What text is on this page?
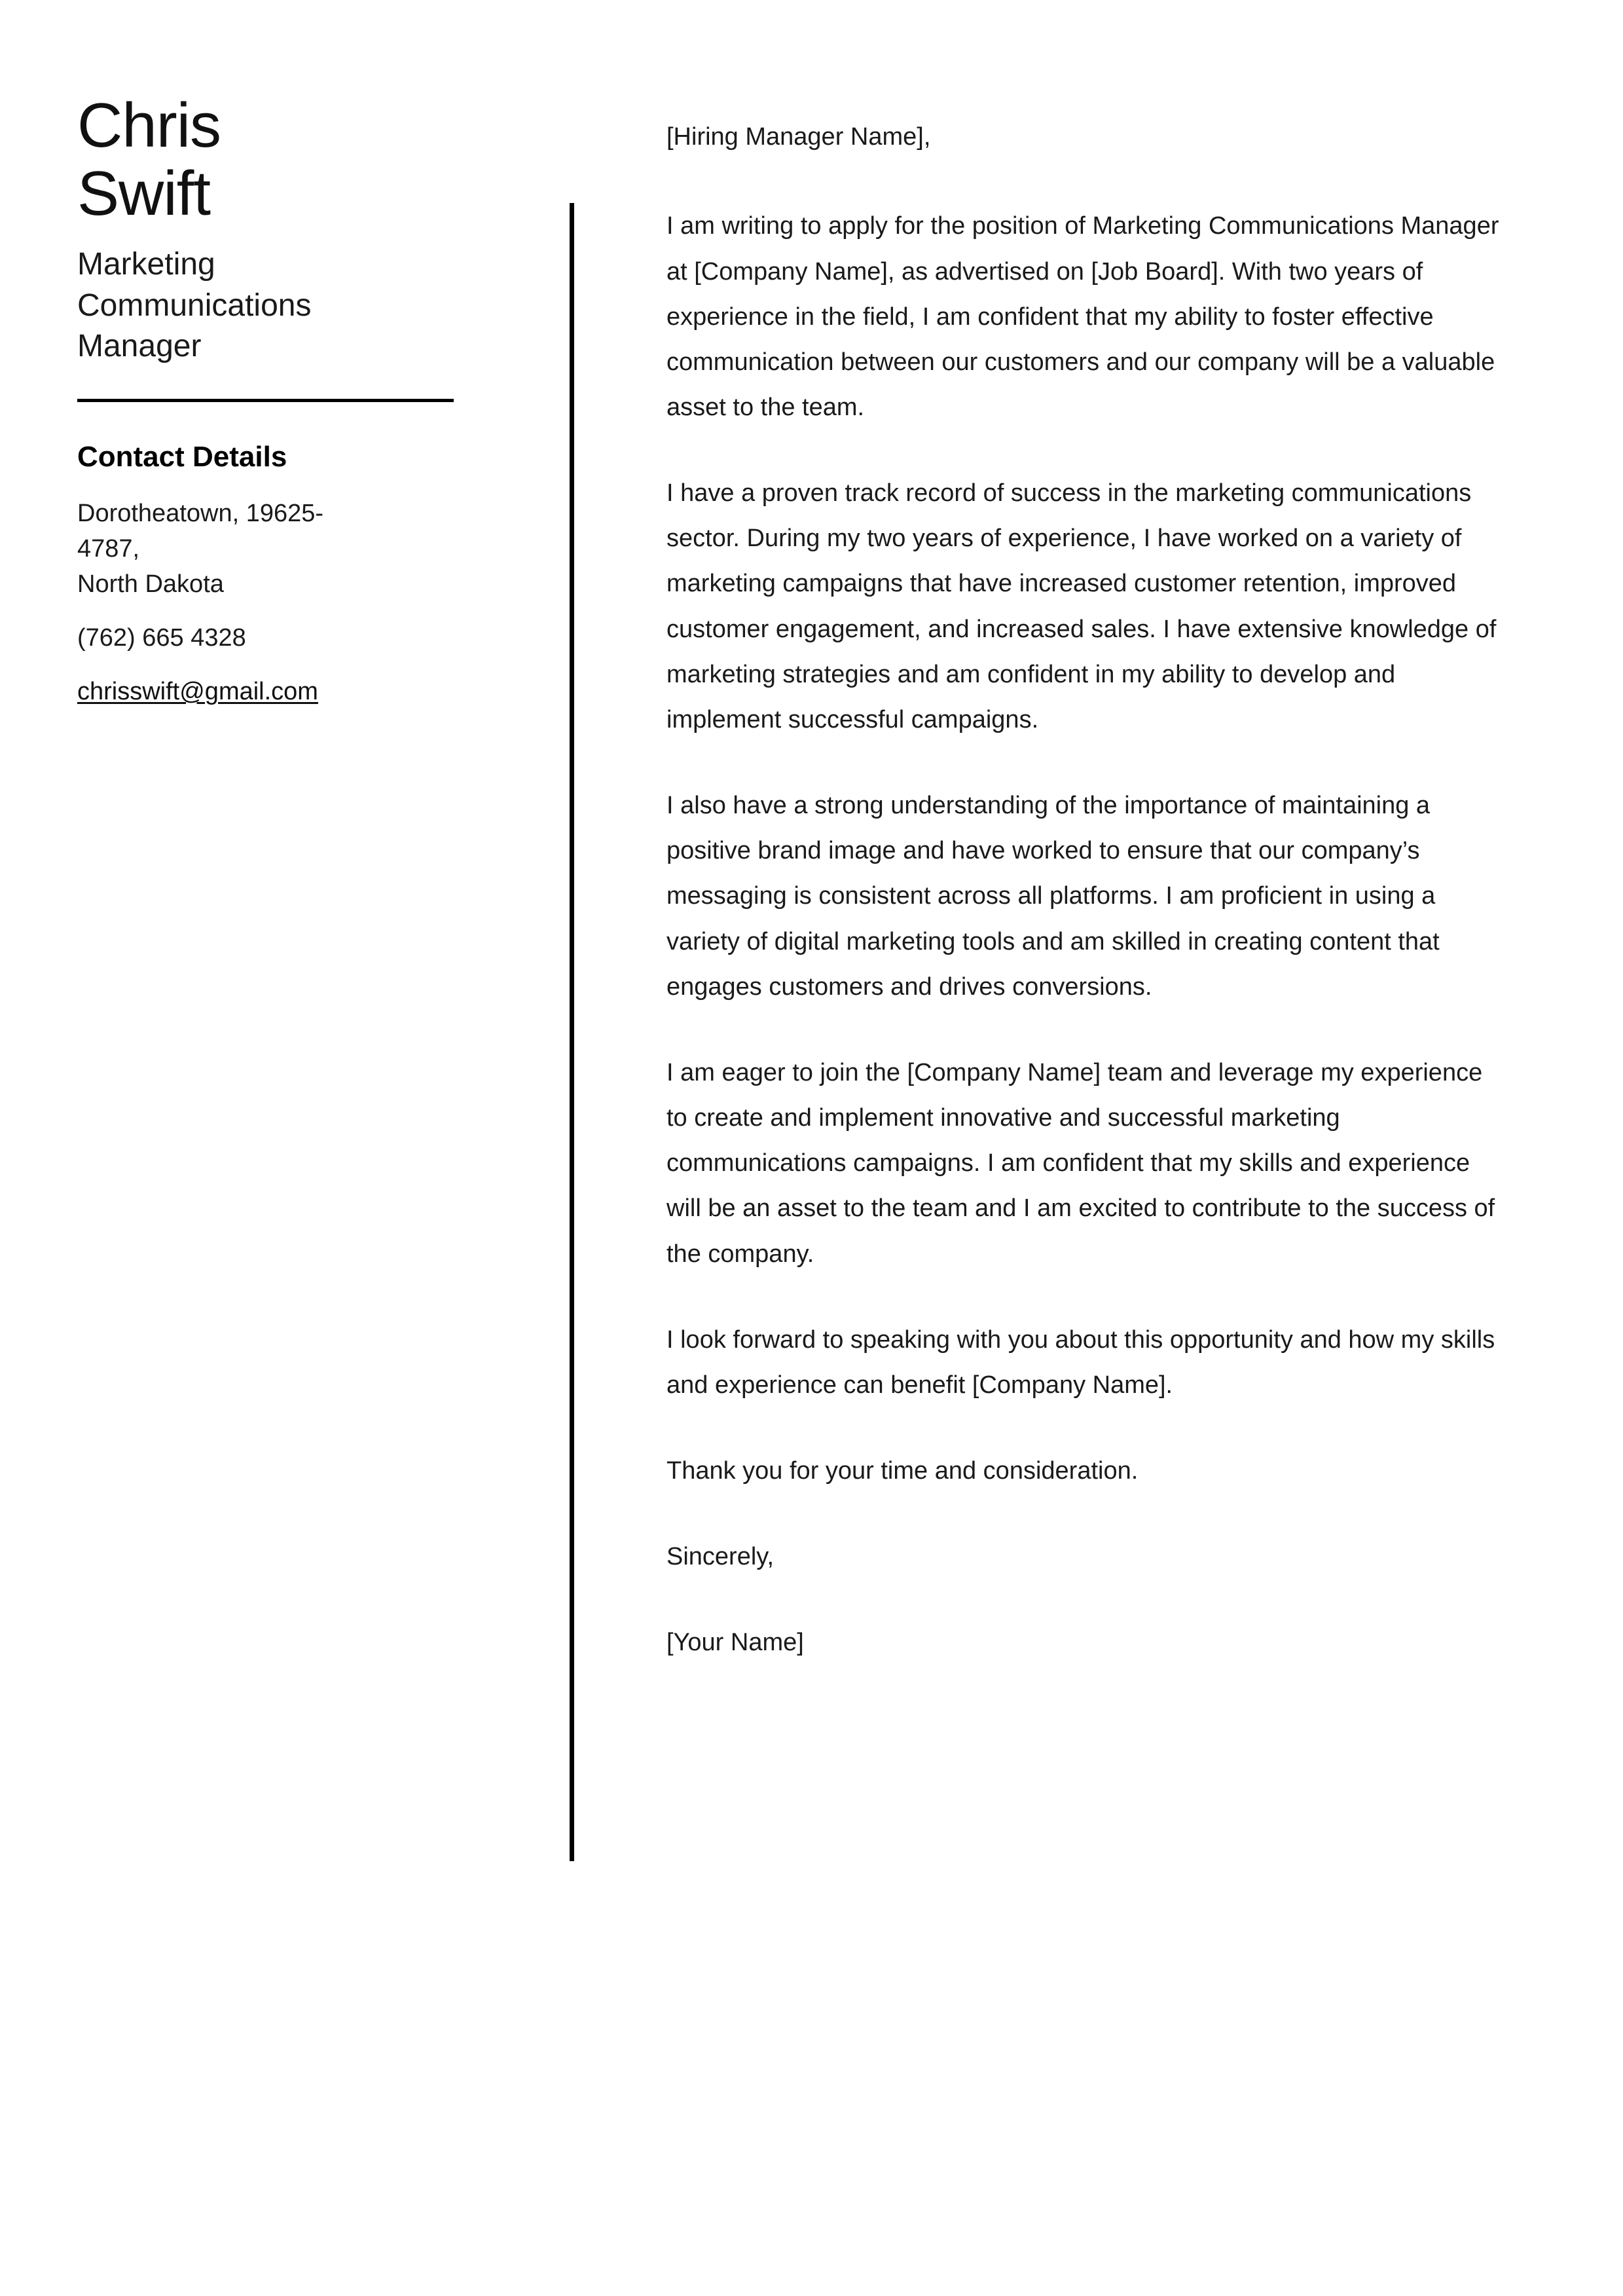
Chris
Swift

Marketing Communications Manager

Contact Details
Dorotheatown, 19625-4787,
North Dakota
(762) 665 4328
chrisswift@gmail.com

[Hiring Manager Name],

I am writing to apply for the position of Marketing Communications Manager at [Company Name], as advertised on [Job Board]. With two years of experience in the field, I am confident that my ability to foster effective communication between our customers and our company will be a valuable asset to the team.

I have a proven track record of success in the marketing communications sector. During my two years of experience, I have worked on a variety of marketing campaigns that have increased customer retention, improved customer engagement, and increased sales. I have extensive knowledge of marketing strategies and am confident in my ability to develop and implement successful campaigns.

I also have a strong understanding of the importance of maintaining a positive brand image and have worked to ensure that our company’s messaging is consistent across all platforms. I am proficient in using a variety of digital marketing tools and am skilled in creating content that engages customers and drives conversions.

I am eager to join the [Company Name] team and leverage my experience to create and implement innovative and successful marketing communications campaigns. I am confident that my skills and experience will be an asset to the team and I am excited to contribute to the success of the company.

I look forward to speaking with you about this opportunity and how my skills and experience can benefit [Company Name].

Thank you for your time and consideration.

Sincerely,

[Your Name]
